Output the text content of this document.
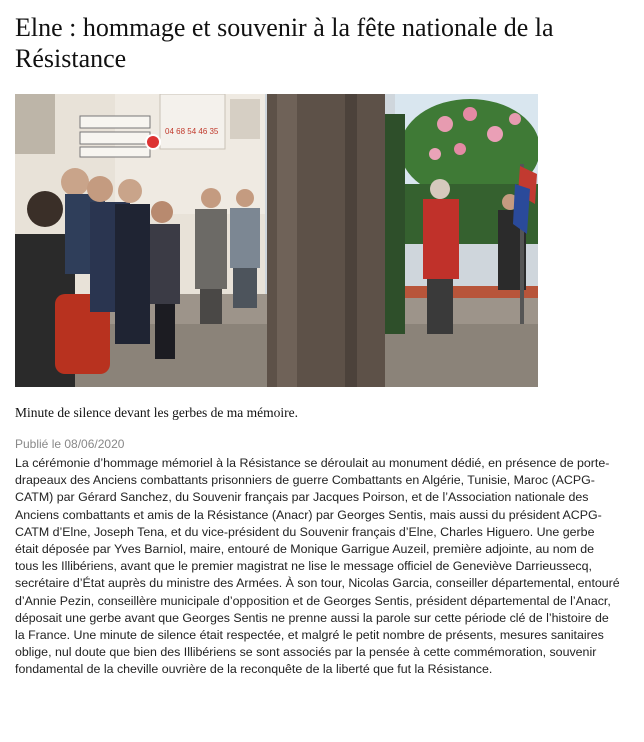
Elne : hommage et souvenir à la fête nationale de la Résistance
04 68 54 46 35

Minute de silence devant les gerbes de ma mémoire.

Publié le 08/06/2020

La cérémonie d’hommage mémoriel à la Résistance se déroulait au monument dédié, en présence de porte-drapeaux des Anciens combattants prisonniers de guerre Combattants en Algérie, Tunisie, Maroc (ACPG-CATM) par Gérard Sanchez, du Souvenir français par Jacques Poirson, et de l’Association nationale des Anciens combattants et amis de la Résistance (Anacr) par Georges Sentis, mais aussi du président ACPG-CATM d’Elne, Joseph Tena, et du vice-président du Souvenir français d’Elne, Charles Higuero. Une gerbe était déposée par Yves Barniol, maire, entouré de Monique Garrigue Auzeil, première adjointe, au nom de tous les Illibériens, avant que le premier magistrat ne lise le message officiel de Geneviève Darrieussecq, secrétaire d’État auprès du ministre des Armées. À son tour, Nicolas Garcia, conseiller départemental, entouré d’Annie Pezin, conseillère municipale d’opposition et de Georges Sentis, président départemental de l’Anacr, déposait une gerbe avant que Georges Sentis ne prenne aussi la parole sur cette période clé de l’histoire de la France. Une minute de silence était respectée, et malgré le petit nombre de présents, mesures sanitaires oblige, nul doute que bien des Illibériens se sont associés par la pensée à cette commémoration, souvenir fondamental de la cheville ouvrière de la reconquête de la liberté que fut la Résistance.
